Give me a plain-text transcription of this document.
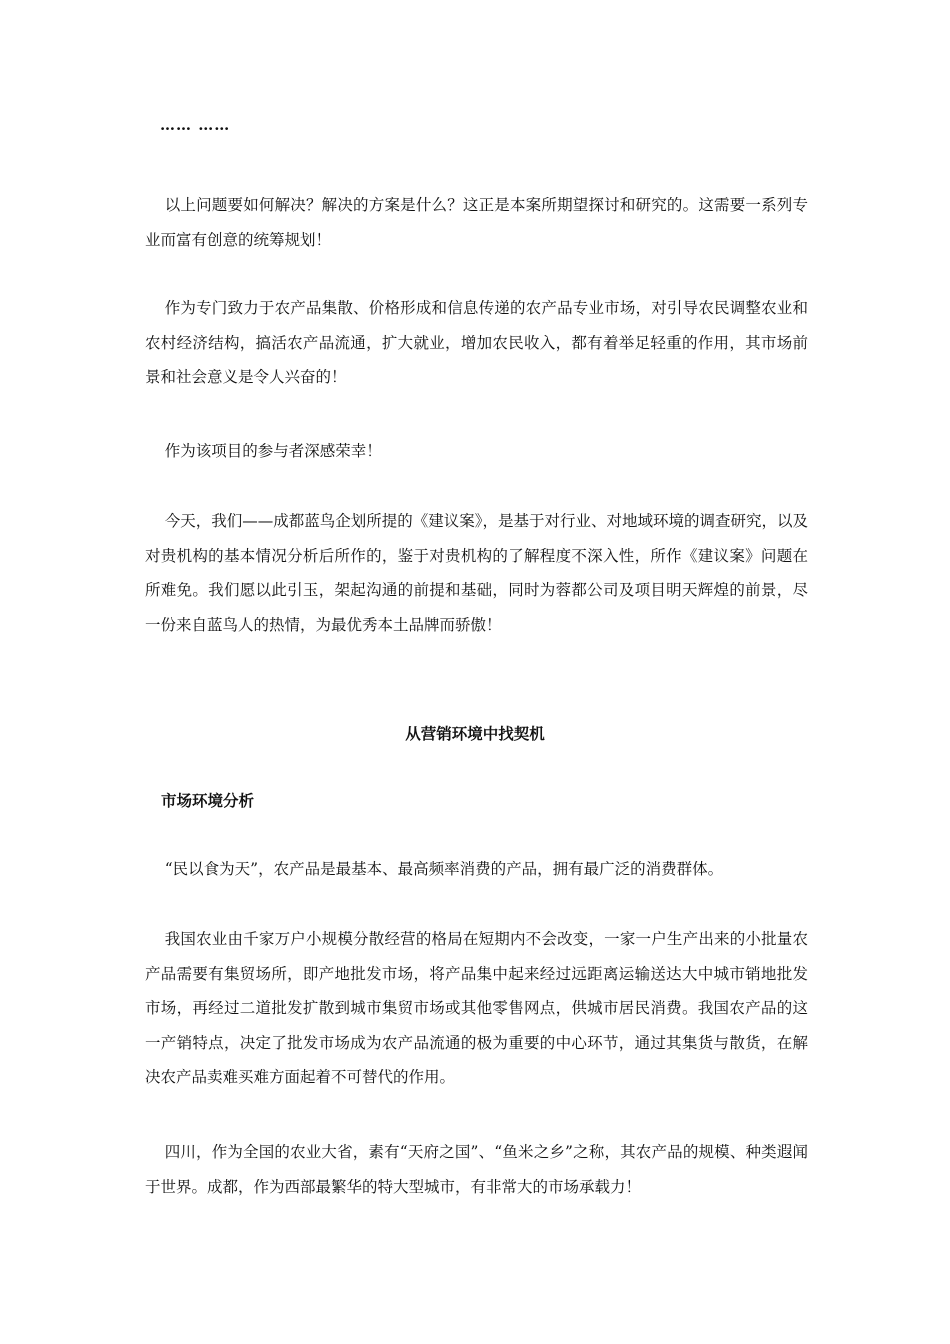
…… ……

以上问题要如何解决？解决的方案是什么？这正是本案所期望探讨和研究的。这需要一系列专业而富有创意的统筹规划！

作为专门致力于农产品集散、价格形成和信息传递的农产品专业市场，对引导农民调整农业和农村经济结构，搞活农产品流通，扩大就业，增加农民收入，都有着举足轻重的作用，其市场前景和社会意义是令人兴奋的！

作为该项目的参与者深感荣幸！

今天，我们——成都蓝鸟企划所提的《建议案》，是基于对行业、对地域环境的调查研究，以及对贵机构的基本情况分析后所作的，鉴于对贵机构的了解程度不深入性，所作《建议案》问题在所难免。我们愿以此引玉，架起沟通的前提和基础，同时为蓉都公司及项目明天辉煌的前景，尽一份来自蓝鸟人的热情，为最优秀本土品牌而骄傲！

从营销环境中找契机
市场环境分析

“民以食为天”，农产品是最基本、最高频率消费的产品，拥有最广泛的消费群体。

我国农业由千家万户小规模分散经营的格局在短期内不会改变，一家一户生产出来的小批量农产品需要有集贸场所，即产地批发市场，将产品集中起来经过远距离运输送达大中城市销地批发市场，再经过二道批发扩散到城市集贸市场或其他零售网点，供城市居民消费。我国农产品的这一产销特点，决定了批发市场成为农产品流通的极为重要的中心环节，通过其集货与散货，在解决农产品卖难买难方面起着不可替代的作用。

四川，作为全国的农业大省，素有“天府之国”、“鱼米之乡”之称，其农产品的规模、种类遐闻于世界。成都，作为西部最繁华的特大型城市，有非常大的市场承载力！
